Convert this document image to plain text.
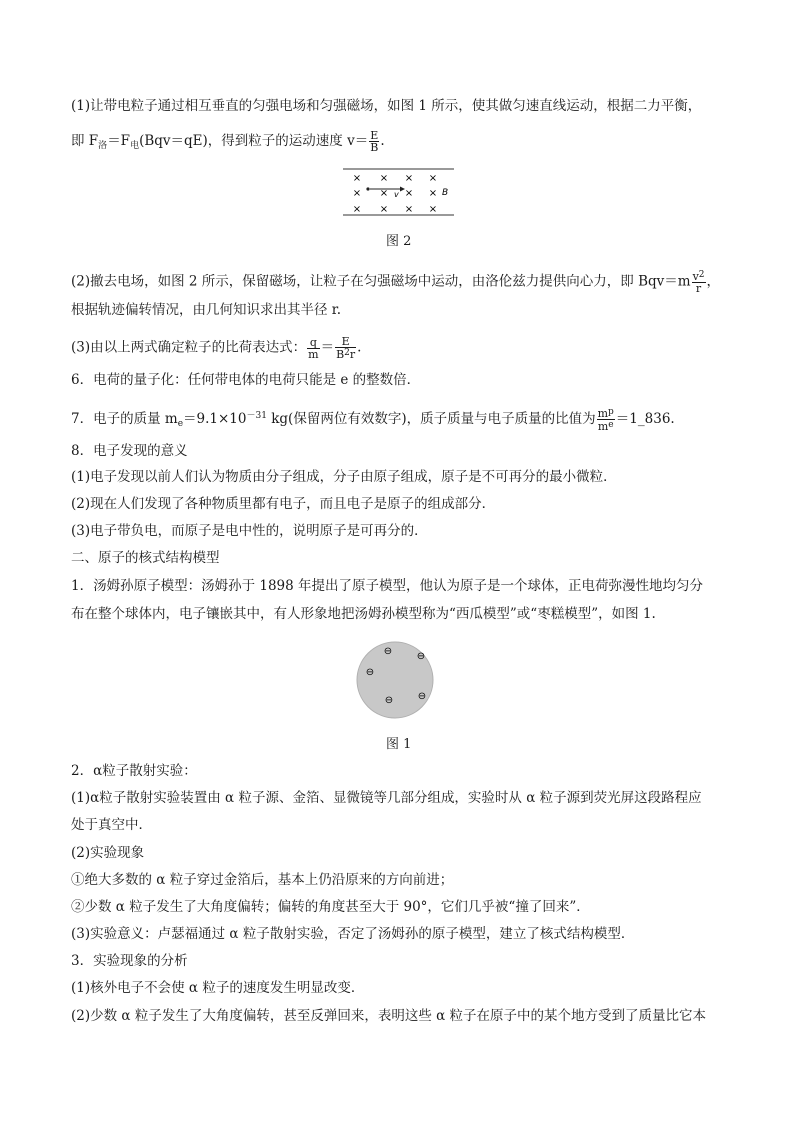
(1)让带电粒子通过相互垂直的匀强电场和匀强磁场，如图 1 所示，使其做匀速直线运动，根据二力平衡，
即 $F_洛=F_电(Bqv=qE)$，得到粒子的运动速度 $v= \frac{E}{B}$ .
× × × ×
× × × ×
v	B
× × × ×
图 2
(2)撤去电场，如图 2 所示，保留磁场，让粒子在匀强磁场中运动，由洛伦兹力提供向心力，即 $Bqv=m \frac{v^2}{r}$ ，
根据轨迹偏转情况，由几何知识求出其半径 r.
(3)由以上两式确定粒子的比荷表达式： $\frac{q}{m} = \frac{E}{B^2r}$ .
6．电荷的量子化：任何带电体的电荷只能是 e 的整数倍．
7．电子的质量 $m_e=9.1\times 10^{-31}$ kg(保留两位有效数字)，质子质量与电子质量的比值为 $\frac{m^p}{m^e}$ ＝1_836.
8．电子发现的意义
(1)电子发现以前人们认为物质由分子组成，分子由原子组成，原子是不可再分的最小微粒．
(2)现在人们发现了各种物质里都有电子，而且电子是原子的组成部分．
(3)电子带负电，而原子是电中性的，说明原子是可再分的．
二、原子的核式结构模型
1．汤姆孙原子模型：汤姆孙于 1898 年提出了原子模型，他认为原子是一个球体，正电荷弥漫性地均匀分
布在整个球体内，电子镶嵌其中，有人形象地把汤姆孙模型称为“西瓜模型”或“枣糕模型”，如图 1.
⊖ ⊖
⊖
⊖ ⊖
图 1
2．α粒子散射实验：
(1)α粒子散射实验装置由 α 粒子源、金箔、显微镜等几部分组成，实验时从 α 粒子源到荧光屏这段路程应
处于真空中．
(2)实验现象
①绝大多数的 α 粒子穿过金箔后，基本上仍沿原来的方向前进；
②少数 α 粒子发生了大角度偏转；偏转的角度甚至大于 90°，它们几乎被“撞了回来”．
(3)实验意义：卢瑟福通过 α 粒子散射实验，否定了汤姆孙的原子模型，建立了核式结构模型．
3．实验现象的分析
(1)核外电子不会使 α 粒子的速度发生明显改变．
(2)少数 α 粒子发生了大角度偏转，甚至反弹回来，表明这些 α 粒子在原子中的某个地方受到了质量比它本
